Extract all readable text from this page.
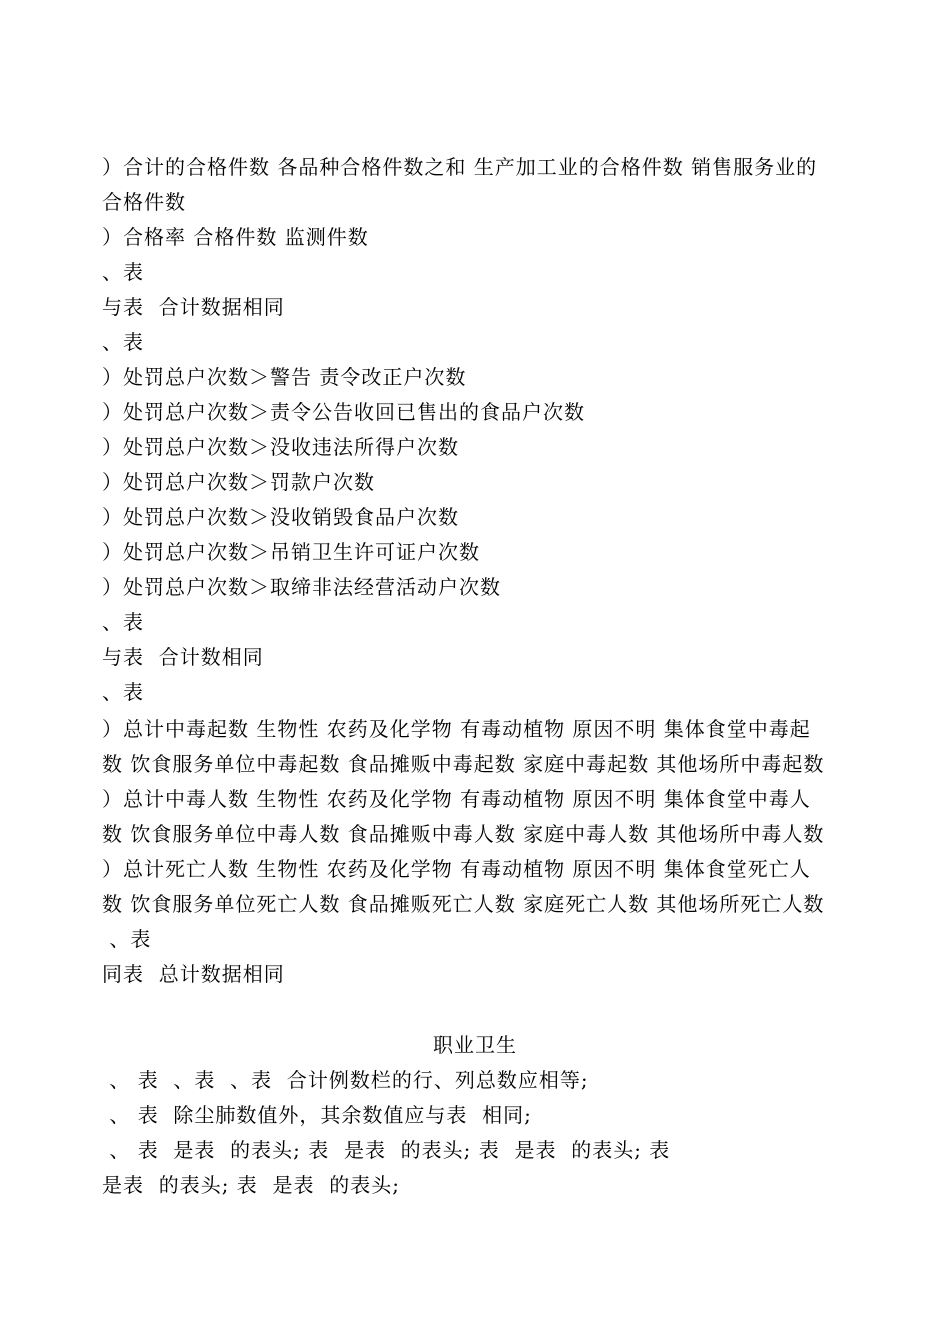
）合计的合格件数 各品种合格件数之和 生产加工业的合格件数 销售服务业的
合格件数
）合格率 合格件数 监测件数
、表
与表  合计数据相同
、表
）处罚总户次数＞警告 责令改正户次数
）处罚总户次数＞责令公告收回已售出的食品户次数
）处罚总户次数＞没收违法所得户次数
）处罚总户次数＞罚款户次数
）处罚总户次数＞没收销毁食品户次数
）处罚总户次数＞吊销卫生许可证户次数
）处罚总户次数＞取缔非法经营活动户次数
、表
与表  合计数相同
、表
）总计中毒起数 生物性 农药及化学物 有毒动植物 原因不明 集体食堂中毒起
数 饮食服务单位中毒起数 食品摊贩中毒起数 家庭中毒起数 其他场所中毒起数
）总计中毒人数 生物性 农药及化学物 有毒动植物 原因不明 集体食堂中毒人
数 饮食服务单位中毒人数 食品摊贩中毒人数 家庭中毒人数 其他场所中毒人数
）总计死亡人数 生物性 农药及化学物 有毒动植物 原因不明 集体食堂死亡人
数 饮食服务单位死亡人数 食品摊贩死亡人数 家庭死亡人数 其他场所死亡人数
、表
同表  总计数据相同
职业卫生
、 表  、表  、表  合计例数栏的行、列总数应相等;
、 表  除尘肺数值外，其余数值应与表  相同;
、 表  是表  的表头; 表  是表  的表头; 表  是表  的表头; 表
是表  的表头; 表  是表  的表头;
